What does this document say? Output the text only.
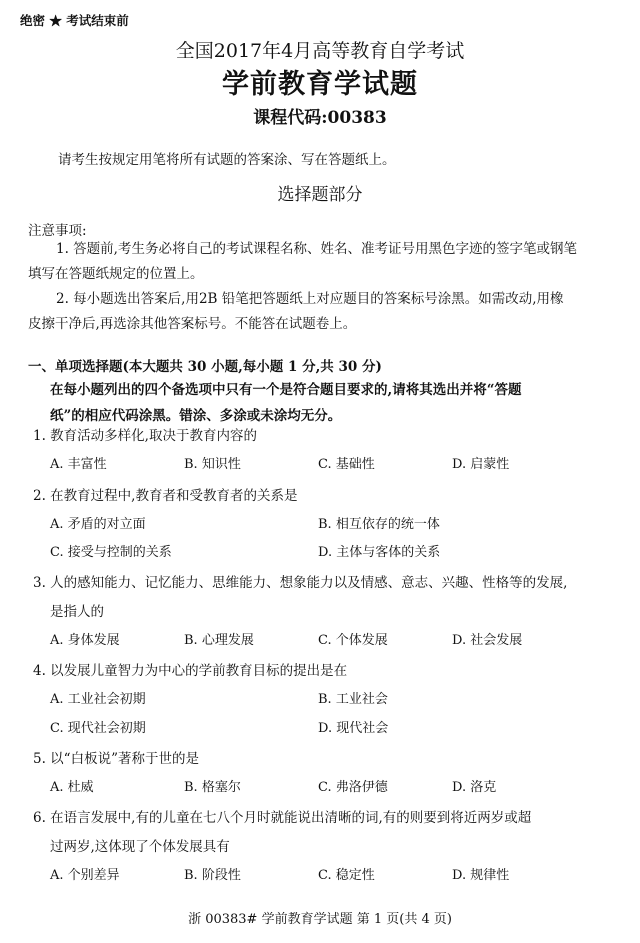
绝密 ★ 考试结束前
全国2017年4月高等教育自学考试
学前教育学试题
课程代码:00383
请考生按规定用笔将所有试题的答案涂、写在答题纸上。
选择题部分
注意事项:
1. 答题前,考生务必将自己的考试课程名称、姓名、准考证号用黑色字迹的签字笔或钢笔
填写在答题纸规定的位置上。
2. 每小题选出答案后,用2B 铅笔把答题纸上对应题目的答案标号涂黑。如需改动,用橡
皮擦干净后,再选涂其他答案标号。不能答在试题卷上。
一、单项选择题(本大题共 30 小题,每小题 1 分,共 30 分)
在每小题列出的四个备选项中只有一个是符合题目要求的,请将其选出并将“答题
纸”的相应代码涂黑。错涂、多涂或未涂均无分。
1. 教育活动多样化,取决于教育内容的
A. 丰富性	B. 知识性	C. 基础性	D. 启蒙性
2. 在教育过程中,教育者和受教育者的关系是
A. 矛盾的对立面	B. 相互依存的统一体
C. 接受与控制的关系	D. 主体与客体的关系
3. 人的感知能力、记忆能力、思维能力、想象能力以及情感、意志、兴趣、性格等的发展,
是指人的
A. 身体发展	B. 心理发展	C. 个体发展	D. 社会发展
4. 以发展儿童智力为中心的学前教育目标的提出是在
A. 工业社会初期	B. 工业社会
C. 现代社会初期	D. 现代社会
5. 以“白板说”著称于世的是
A. 杜威	B. 格塞尔	C. 弗洛伊德	D. 洛克
6. 在语言发展中,有的儿童在七八个月时就能说出清晰的词,有的则要到将近两岁或超
过两岁,这体现了个体发展具有
A. 个别差异	B. 阶段性	C. 稳定性	D. 规律性
浙 00383# 学前教育学试题 第 1 页(共 4 页)
